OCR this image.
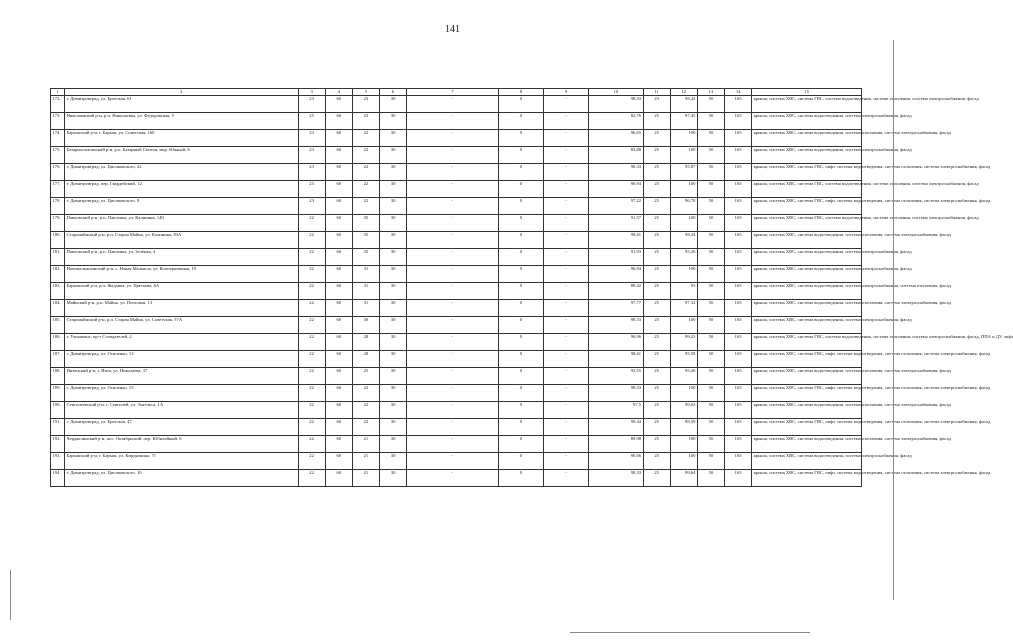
141
1	2	3	4	5	6	7	8	9	10	11	12	13	14	15
172.	г. Димитровград, ул. Братская, 61	23	60	23	30	-	0	-	98,33	23	98,42	50	165	крыша, система ХВС, система ГВС, система водоотведения, система отопления, система электроснабжения, фасад
173.	Николаевский р-н, р.п. Николаевка, ул. Федоровская, 5	25	60	23	30	-	0	-	82,76	25	97,45	50	165	крыша, система ХВС, система водоотведения, система электроснабжения, фасад
174.	Барышский р-н, г. Барыш, ул. Советская, 160	23	60	22	30	-	0	-	96,65	25	100	50	165	крыша, система ХВС, система водоотведения, система отопления, система электроснабжения, фасад
175.	Базарносызганский р-н, р.п. Базарный Сызган, мкр. Южный, 8	23	60	22	30	-	0	-	83,88	25	100	50	165	крыша, система ХВС, система водоотведения, система электроснабжения, фасад
176.	г. Димитровград, ул. Циолковского, 22	23	60	22	30	-	0	-	98,33	25	95,87	50	165	крыша, система ХВС, система ГВС, лифт, система водоотведения, система отопления, система электроснабжения, фасад
177.	г. Димитровград, пер. Гвардейский, 12	23	60	22	30	-	0	-	96,94	25	100	50	165	крыша, система ХВС, система ГВС, система водоотведения, система отопления, система электроснабжения, фасад
178.	г. Димитровград, ул. Циолковского, 8	23	60	22	30	-	0	-	97,22	25	96,78	50	163	крыша, система ХВС, система ГВС, лифт, система водоотведения, система отопления, система электроснабжения, фасад
179.	Павловский р-н, р.п. Павловка, ул. Калинина, 140	22	60	35	30	-	0	-	91,57	25	100	50	165	крыша, система ХВС, система ГВС, система водоотведения, система отопления, система электроснабжения, фасад
180.	Старомайнский р-н, р.п. Старая Майна, ул. Калинина, 83А	22	60	35	30	-	0	-	98,61	25	98,34	50	165	крыша, система ХВС, система водоотведения, система отопления, система электроснабжения, фасад
181.	Павловский р-н, р.п. Павловка, ул. Зелёная, 4	22	60	35	30	-	0	-	91,93	25	95,26	50	165	крыша, система ХВС, система водоотведения, система электроснабжения, фасад
182.	Новомалыклинский р-н, с. Новая Малыкла, ул. Кооперативная, 19	22	60	31	30	-	0	-	96,94	25	100	50	165	крыша, система ХВС, система водоотведения, система электроснабжения, фасад
183.	Барышский р-н, р.п. Жадовка, ул. Цветкова, 6А	22	60	31	30	-	0	-	89,42	25	93	50	165	крыша, система ХВС, система водоотведения, система электроснабжения, система отопления, фасад
184.	Майнский р-н, р.п. Майна, ул. Почтовая, 13	22	60	31	30	-	0	-	97,77	25	97,32	50	165	крыша, система ХВС, система водоотведения, система отопления, система электроснабжения, фасад
185.	Старомайнский р-н, р.п. Старая Майна, ул. Советская, 57А	22	60	30	30	-	0	-	98,33	25	100	50	165	крыша, система ХВС, система водоотведения, система электроснабжения, фасад
186.	г. Ульяновск, пр-т Созидателей, 2	22	60	28	30	-	0	-	96,96	25	99,23	50	165	крыша, система ХВС, система ГВС, система водоотведения, система отопления, система электроснабжения, фасад, ППА и ДУ, лифт
187.	г. Димитровград, ул. Осипенко, 13	22	60	28	30	-	0	-	98,61	25	95,58	50	165	крыша, система ХВС, система ГВС, лифт, система водоотведения, система отопления, система электроснабжения, фасад
188.	Инзенский р-н, г. Инза, ул. Николаева, 37	22	60	25	30	-	0	-	93,55	25	95,46	50	165	крыша, система ХВС, система водоотведения, система отопления, система электроснабжения, фасад
189.	г. Димитровград, ул. Осипенко, 15	22	60	22	30	-	0	-	98,33	25	100	50	165	крыша, система ХВС, система ГВС, лифт, система водоотведения, система отопления, система электроснабжения, фасад
190.	Сенгилеевский р-н, г. Сенгилей, ул. Энгельса, 1А	22	60	22	30	-	0	-	97,5	25	99,03	50	165	крыша, система ХВС, система водоотведения, система отопления, система электроснабжения, фасад
191.	г. Димитровград, ул. Братская, 47	22	60	22	30	-	0	-	99,44	25	98,59	50	165	крыша, система ХВС, система ГВС, лифт, система водоотведения, система отопления, система электроснабжения, фасад
192.	Чердаклинский р-н, пос. Октябрьский, пер. Юбилейный, 6	22	60	21	30	-	0	-	89,98	25	100	50	165	крыша, система ХВС, система водоотведения, система отопления, система электроснабжения, фасад
193.	Барышский р-н, г. Барыш, ул. Кирдяпкина, 71	22	60	21	30	-	0	-	96,66	25	100	50	165	крыша, система ХВС, система водоотведения, система электроснабжения, фасад
194.	г. Димитровград, ул. Циолковского, 10	22	60	21	30	-	0	-	98,33	25	99,64	50	165	крыша, система ХВС, система ГВС, лифт, система водоотведения, система отопления, система электроснабжения, фасад
